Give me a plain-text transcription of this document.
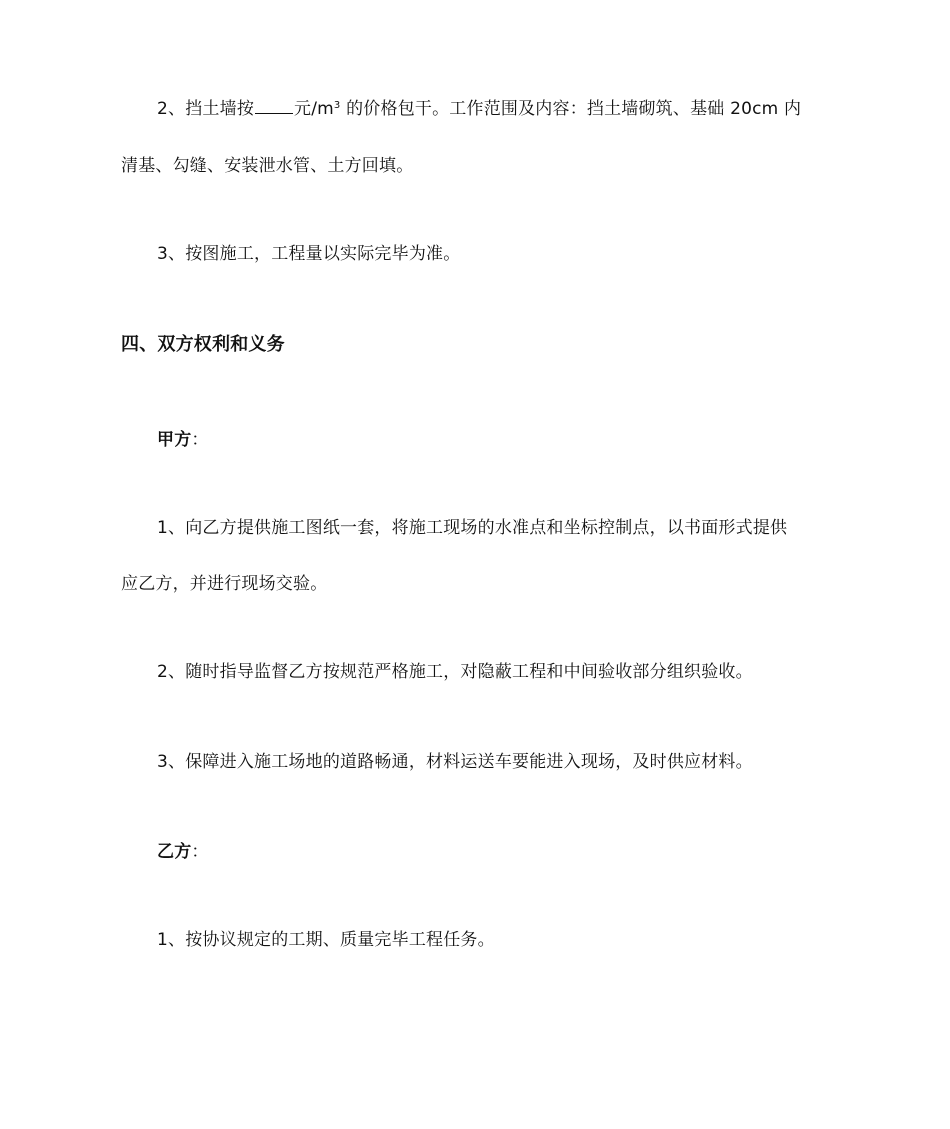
2、挡土墙按 元$/m^3$ 的价格包干。工作范围及内容：挡土墙砌筑、基础 20cm 内
清基、勾缝、安装泄水管、土方回填。
3、按图施工，工程量以实际完毕为准。
四、双方权利和义务
甲方：
1、向乙方提供施工图纸一套，将施工现场的水准点和坐标控制点，以书面形式提供
应乙方，并进行现场交验。
2、随时指导监督乙方按规范严格施工，对隐蔽工程和中间验收部分组织验收。
3、保障进入施工场地的道路畅通，材料运送车要能进入现场，及时供应材料。
乙方：
1、按协议规定的工期、质量完毕工程任务。
